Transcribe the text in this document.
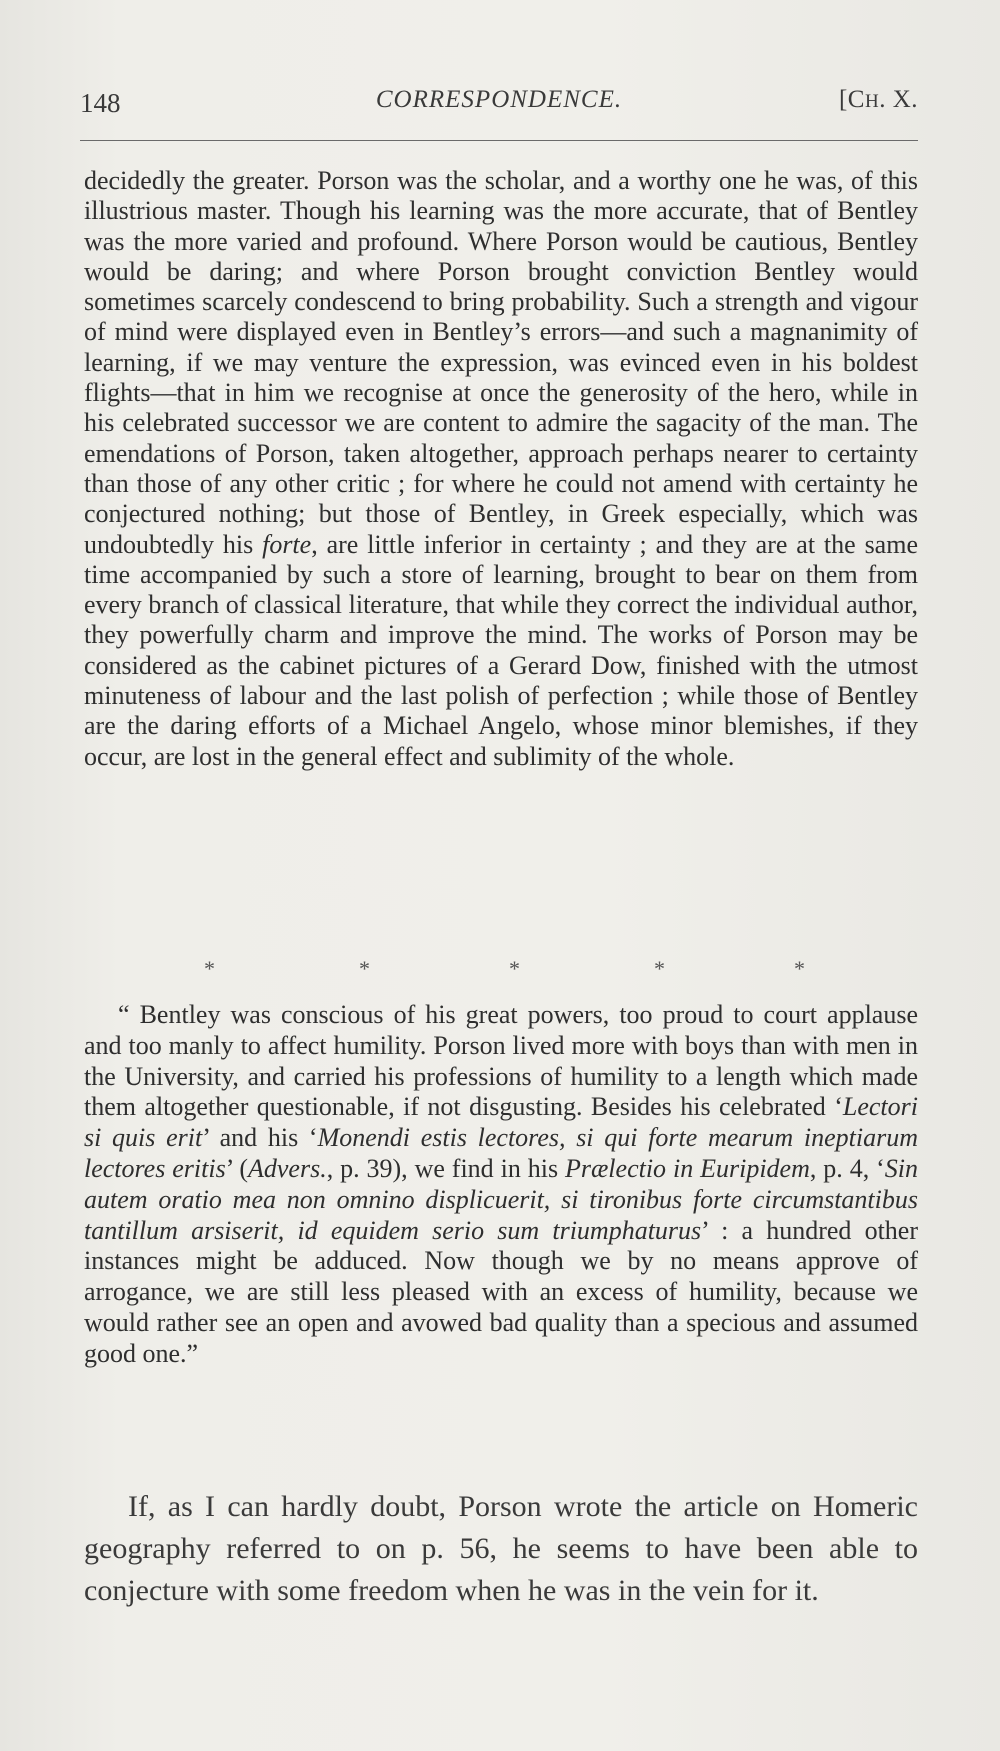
148	CORRESPONDENCE.	[CH. X.

decidedly the greater. Porson was the scholar, and a worthy one he was, of this illustrious master. Though his learning was the more accurate, that of Bentley was the more varied and profound. Where Porson would be cautious, Bentley would be daring; and where Porson brought conviction Bentley would sometimes scarcely condescend to bring probability. Such a strength and vigour of mind were displayed even in Bentley’s errors—and such a magnanimity of learning, if we may venture the expression, was evinced even in his boldest flights—that in him we recognise at once the generosity of the hero, while in his celebrated successor we are content to admire the sagacity of the man. The emendations of Porson, taken altogether, approach perhaps nearer to certainty than those of any other critic ; for where he could not amend with certainty he conjectured nothing; but those of Bentley, in Greek especially, which was undoubtedly his forte, are little inferior in certainty ; and they are at the same time accompanied by such a store of learning, brought to bear on them from every branch of classical literature, that while they correct the individual author, they powerfully charm and improve the mind. The works of Porson may be considered as the cabinet pictures of a Gerard Dow, finished with the utmost minuteness of labour and the last polish of perfection ; while those of Bentley are the daring efforts of a Michael Angelo, whose minor blemishes, if they occur, are lost in the general effect and sublimity of the whole.

*	*	*	*	*

“ Bentley was conscious of his great powers, too proud to court applause and too manly to affect humility. Porson lived more with boys than with men in the University, and carried his professions of humility to a length which made them altogether questionable, if not disgusting. Besides his celebrated ‘Lectori si quis erit’ and his ‘Monendi estis lectores, si qui forte mearum ineptiarum lectores eritis’ (Advers., p. 39), we find in his Prælectio in Euripidem, p. 4, ‘Sin autem oratio mea non omnino displicuerit, si tironibus forte circumstantibus tantillum arsiserit, id equidem serio sum triumphaturus’ : a hundred other instances might be adduced. Now though we by no means approve of arrogance, we are still less pleased with an excess of humility, because we would rather see an open and avowed bad quality than a specious and assumed good one.”

If, as I can hardly doubt, Porson wrote the article on Homeric geography referred to on p. 56, he seems to have been able to conjecture with some freedom when he was in the vein for it.
